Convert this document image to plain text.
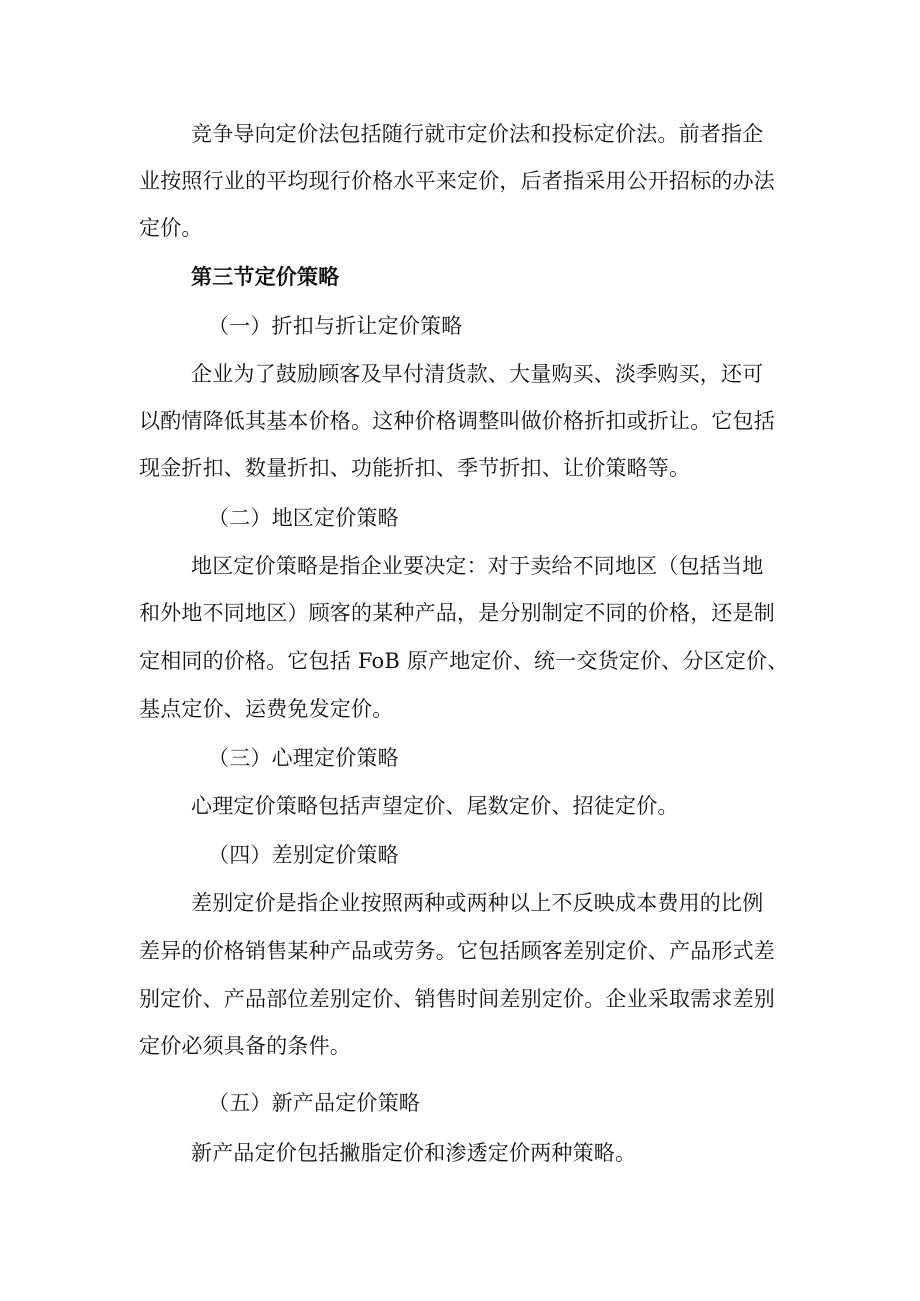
竞争导向定价法包括随行就市定价法和投标定价法。前者指企
业按照行业的平均现行价格水平来定价，后者指采用公开招标的办法
定价。
第三节定价策略
（一）折扣与折让定价策略
企业为了鼓励顾客及早付清货款、大量购买、淡季购买，还可
以酌情降低其基本价格。这种价格调整叫做价格折扣或折让。它包括
现金折扣、数量折扣、功能折扣、季节折扣、让价策略等。
（二）地区定价策略
地区定价策略是指企业要决定：对于卖给不同地区（包括当地
和外地不同地区）顾客的某种产品，是分别制定不同的价格，还是制
定相同的价格。它包括 FoB 原产地定价、统一交货定价、分区定价、
基点定价、运费免发定价。
（三）心理定价策略
心理定价策略包括声望定价、尾数定价、招徒定价。
（四）差别定价策略
差别定价是指企业按照两种或两种以上不反映成本费用的比例
差异的价格销售某种产品或劳务。它包括顾客差别定价、产品形式差
别定价、产品部位差别定价、销售时间差别定价。企业采取需求差别
定价必须具备的条件。
（五）新产品定价策略
新产品定价包括撇脂定价和渗透定价两种策略。
